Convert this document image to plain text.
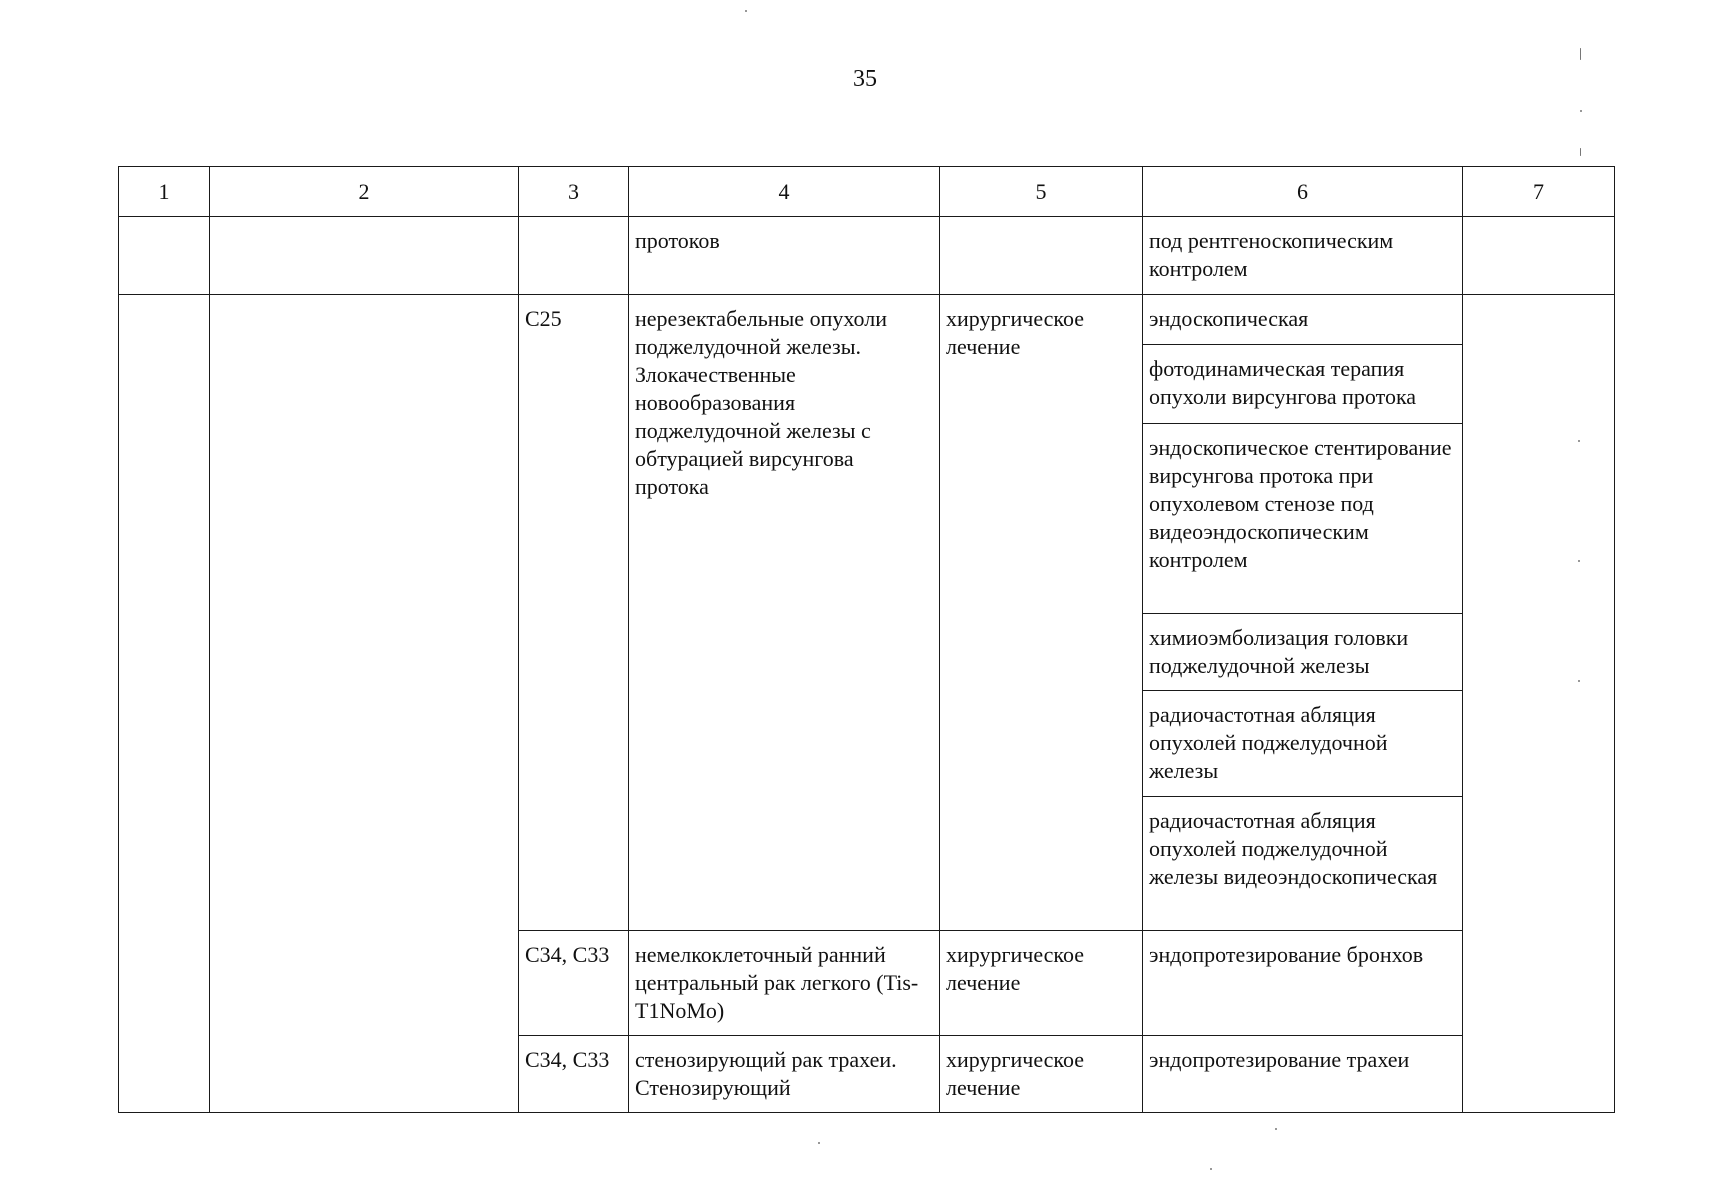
35
1	2	3	4	5	6	7
			протоков		под рентгеноскопическим контролем	
		C25	нерезектабельные опухоли поджелудочной железы. Злокачественные новообразования поджелудочной железы с обтурацией вирсунгова протока	хирургическое лечение	эндоскопическая	
					фотодинамическая терапия опухоли вирсунгова протока	
					эндоскопическое стентирование вирсунгова протока при опухолевом стенозе под видеоэндоскопическим контролем	
					химиоэмболизация головки поджелудочной железы	
					радиочастотная абляция опухолей поджелудочной железы	
					радиочастотная абляция опухолей поджелудочной железы видеоэндоскопическая	
		C34, C33	немелкоклеточный ранний центральный рак легкого (Tis-T1NoMo)	хирургическое лечение	эндопротезирование бронхов	
		C34, C33	стенозирующий рак трахеи. Стенозирующий	хирургическое лечение	эндопротезирование трахеи	
